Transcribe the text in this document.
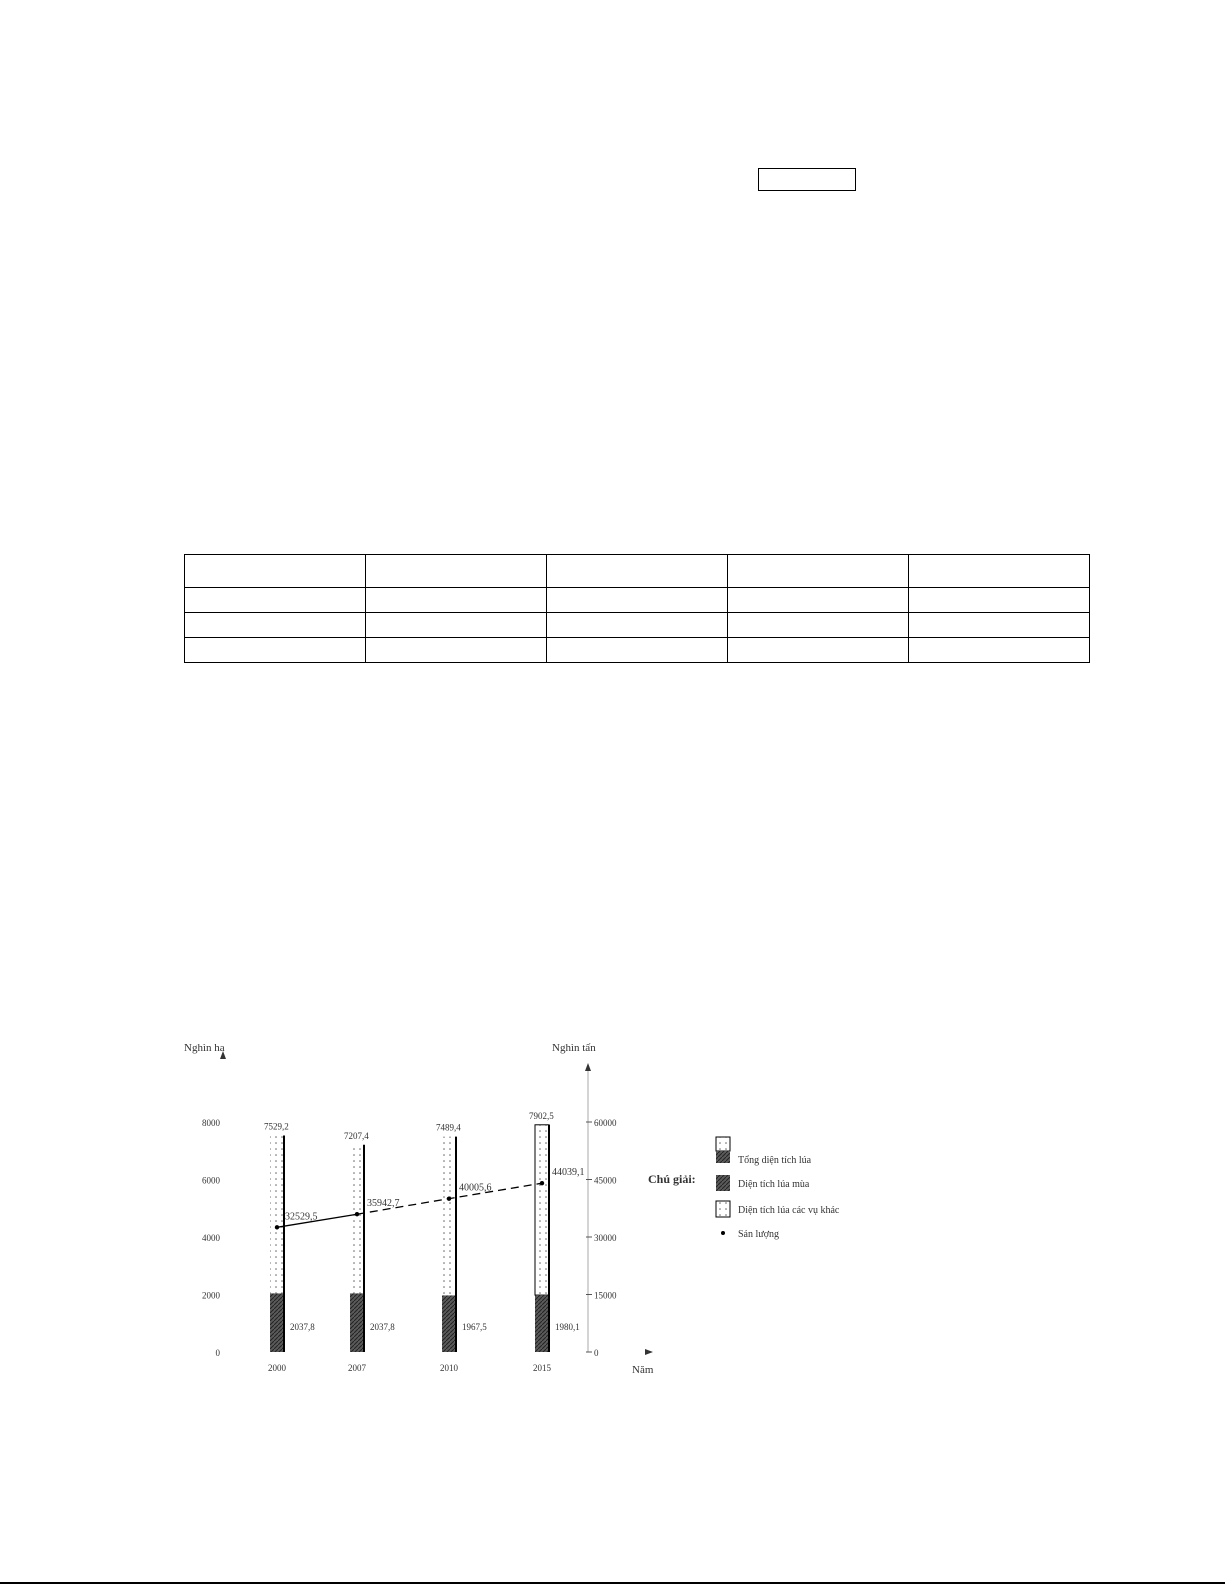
Nghìn ha	Nghìn tấn
Năm
Chú giải:
0
2000
4000
6000
8000
0
15000
30000
45000
60000
7529,2
2037,8
2000
7207,4
2037,8
2007
7489,4
1967,5
2010
7902,5
1980,1
2015
32529,5
35942,7
40005,6
44039,1
Tổng diện tích lúa
Diện tích lúa mùa
Diện tích lúa các vụ khác
Sản lượng
